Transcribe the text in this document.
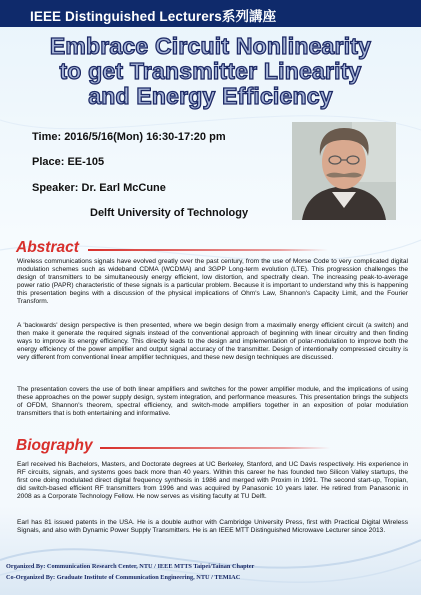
IEEE Distinguished Lecturers系列講座
Embrace Circuit Nonlinearity
to get Transmitter Linearity
and Energy Efficiency
Time: 2016/5/16(Mon) 16:30-17:20 pm
Place: EE-105
Speaker: Dr. Earl McCune
Delft University of Technology
Abstract
Wireless communications signals have evolved greatly over the past century, from the use of Morse Code to very complicated digital modulation schemes such as wideband CDMA (WCDMA) and 3GPP Long-term evolution (LTE). This progression challenges the design of transmitters to be simultaneously energy efficient, low distortion, and spectrally clean. The increasing peak-to-average power ratio (PAPR) characteristic of these signals is a particular problem. Because it is important to understand why this is happening this presentation begins with a discussion of the physical implications of Ohm's Law, Shannon's Capacity Limit, and the Fourier Transform.
A 'backwards' design perspective is then presented, where we begin design from a maximally energy efficient circuit (a switch) and then make it generate the required signals instead of the conventional approach of beginning with linear circuitry and then finding ways to improve its energy efficiency. This directly leads to the design and implementation of polar-modulation to improve both the energy efficiency of the power amplifier and output signal accuracy of the transmitter. Design of intentionally compressed circuitry is very different from conventional linear amplifier techniques, and these new design techniques are discussed.
The presentation covers the use of both linear amplifiers and switches for the power amplifier module, and the implications of using these approaches on the power supply design, system integration, and performance measures. This presentation brings the subjects of OFDM, Shannon's theorem, spectral efficiency, and switch-mode amplifiers together in an exposition of polar modulation transmitters that is both entertaining and informative.
Biography
Earl received his Bachelors, Masters, and Doctorate degrees at UC Berkeley, Stanford, and UC Davis respectively. His experience in RF circuits, signals, and systems goes back more than 40 years. Within this career he has founded two Silicon Valley startups, the first one doing modulated direct digital frequency synthesis in 1986 and merged with Proxim in 1991. The second start-up, Tropian, did switch-based efficient RF transmitters from 1996 and was acquired by Panasonic 10 years later. He retired from Panasonic in 2008 as a Corporate Technology Fellow. He now serves as visiting faculty at TU Delft.
Earl has 81 issued patents in the USA. He is a double author with Cambridge University Press, first with Practical Digital Wireless Signals, and also with Dynamic Power Supply Transmitters. He is an IEEE MTT Distinguished Microwave Lecturer since 2013.
Organized By: Communication Research Center, NTU / IEEE MTTS Taipei/Tainan Chapter
Co-Organized By: Graduate Institute of Communication Engineering, NTU / TEMIAC
